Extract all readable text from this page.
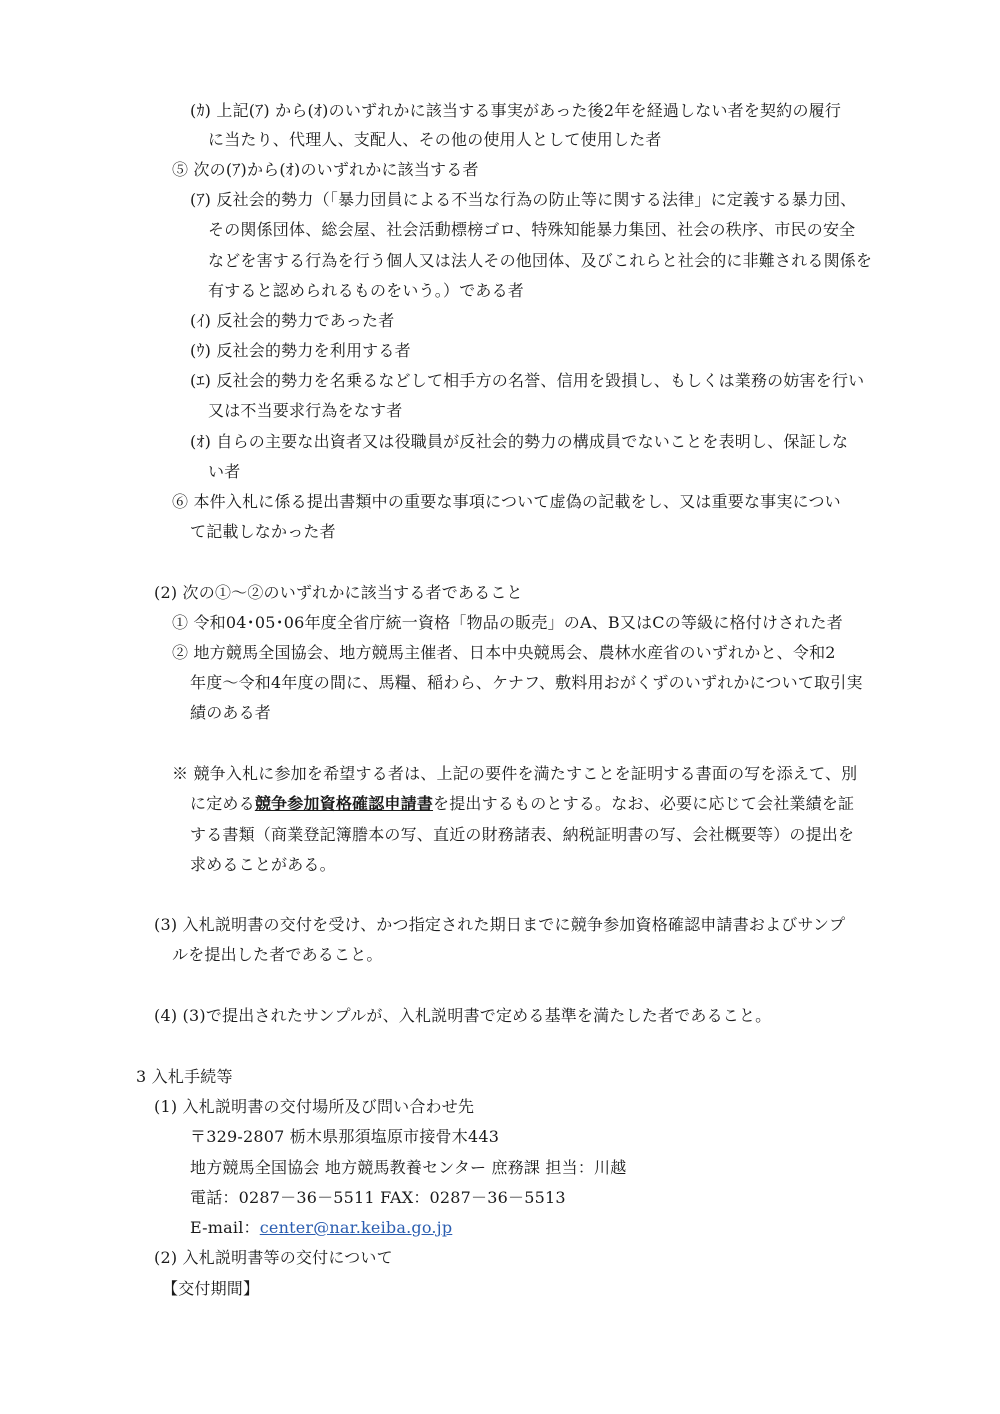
(ｶ) 上記(ｱ) から(ｵ)のいずれかに該当する事実があった後2年を経過しない者を契約の履行
に当たり、代理人、支配人、その他の使用人として使用した者
⑤ 次の(ｱ)から(ｵ)のいずれかに該当する者
(ｱ) 反社会的勢力（「暴力団員による不当な行為の防止等に関する法律」に定義する暴力団、
その関係団体、総会屋、社会活動標榜ゴロ、特殊知能暴力集団、社会の秩序、市民の安全
などを害する行為を行う個人又は法人その他団体、及びこれらと社会的に非難される関係を
有すると認められるものをいう。）である者
(ｲ) 反社会的勢力であった者
(ｳ) 反社会的勢力を利用する者
(ｴ) 反社会的勢力を名乗るなどして相手方の名誉、信用を毀損し、もしくは業務の妨害を行い
又は不当要求行為をなす者
(ｵ) 自らの主要な出資者又は役職員が反社会的勢力の構成員でないことを表明し、保証しな
い者
⑥ 本件入札に係る提出書類中の重要な事項について虚偽の記載をし、又は重要な事実につい
て記載しなかった者
(2) 次の①～②のいずれかに該当する者であること
① 令和04･05･06年度全省庁統一資格「物品の販売」のA、B又はCの等級に格付けされた者
② 地方競馬全国協会、地方競馬主催者、日本中央競馬会、農林水産省のいずれかと、令和2
年度～令和4年度の間に、馬糧、稲わら、ケナフ、敷料用おがくずのいずれかについて取引実
績のある者
※ 競争入札に参加を希望する者は、上記の要件を満たすことを証明する書面の写を添えて、別
に定める競争参加資格確認申請書を提出するものとする。なお、必要に応じて会社業績を証
する書類（商業登記簿謄本の写、直近の財務諸表、納税証明書の写、会社概要等）の提出を
求めることがある。
(3) 入札説明書の交付を受け、かつ指定された期日までに競争参加資格確認申請書およびサンプ
ルを提出した者であること。
(4) (3)で提出されたサンプルが、入札説明書で定める基準を満たした者であること。
3 入札手続等
(1) 入札説明書の交付場所及び問い合わせ先
〒329-2807 栃木県那須塩原市接骨木443
地方競馬全国協会 地方競馬教養センター 庶務課 担当：川越
電話：0287－36－5511 FAX：0287－36－5513
E-mail：center@nar.keiba.go.jp
(2) 入札説明書等の交付について
【交付期間】
